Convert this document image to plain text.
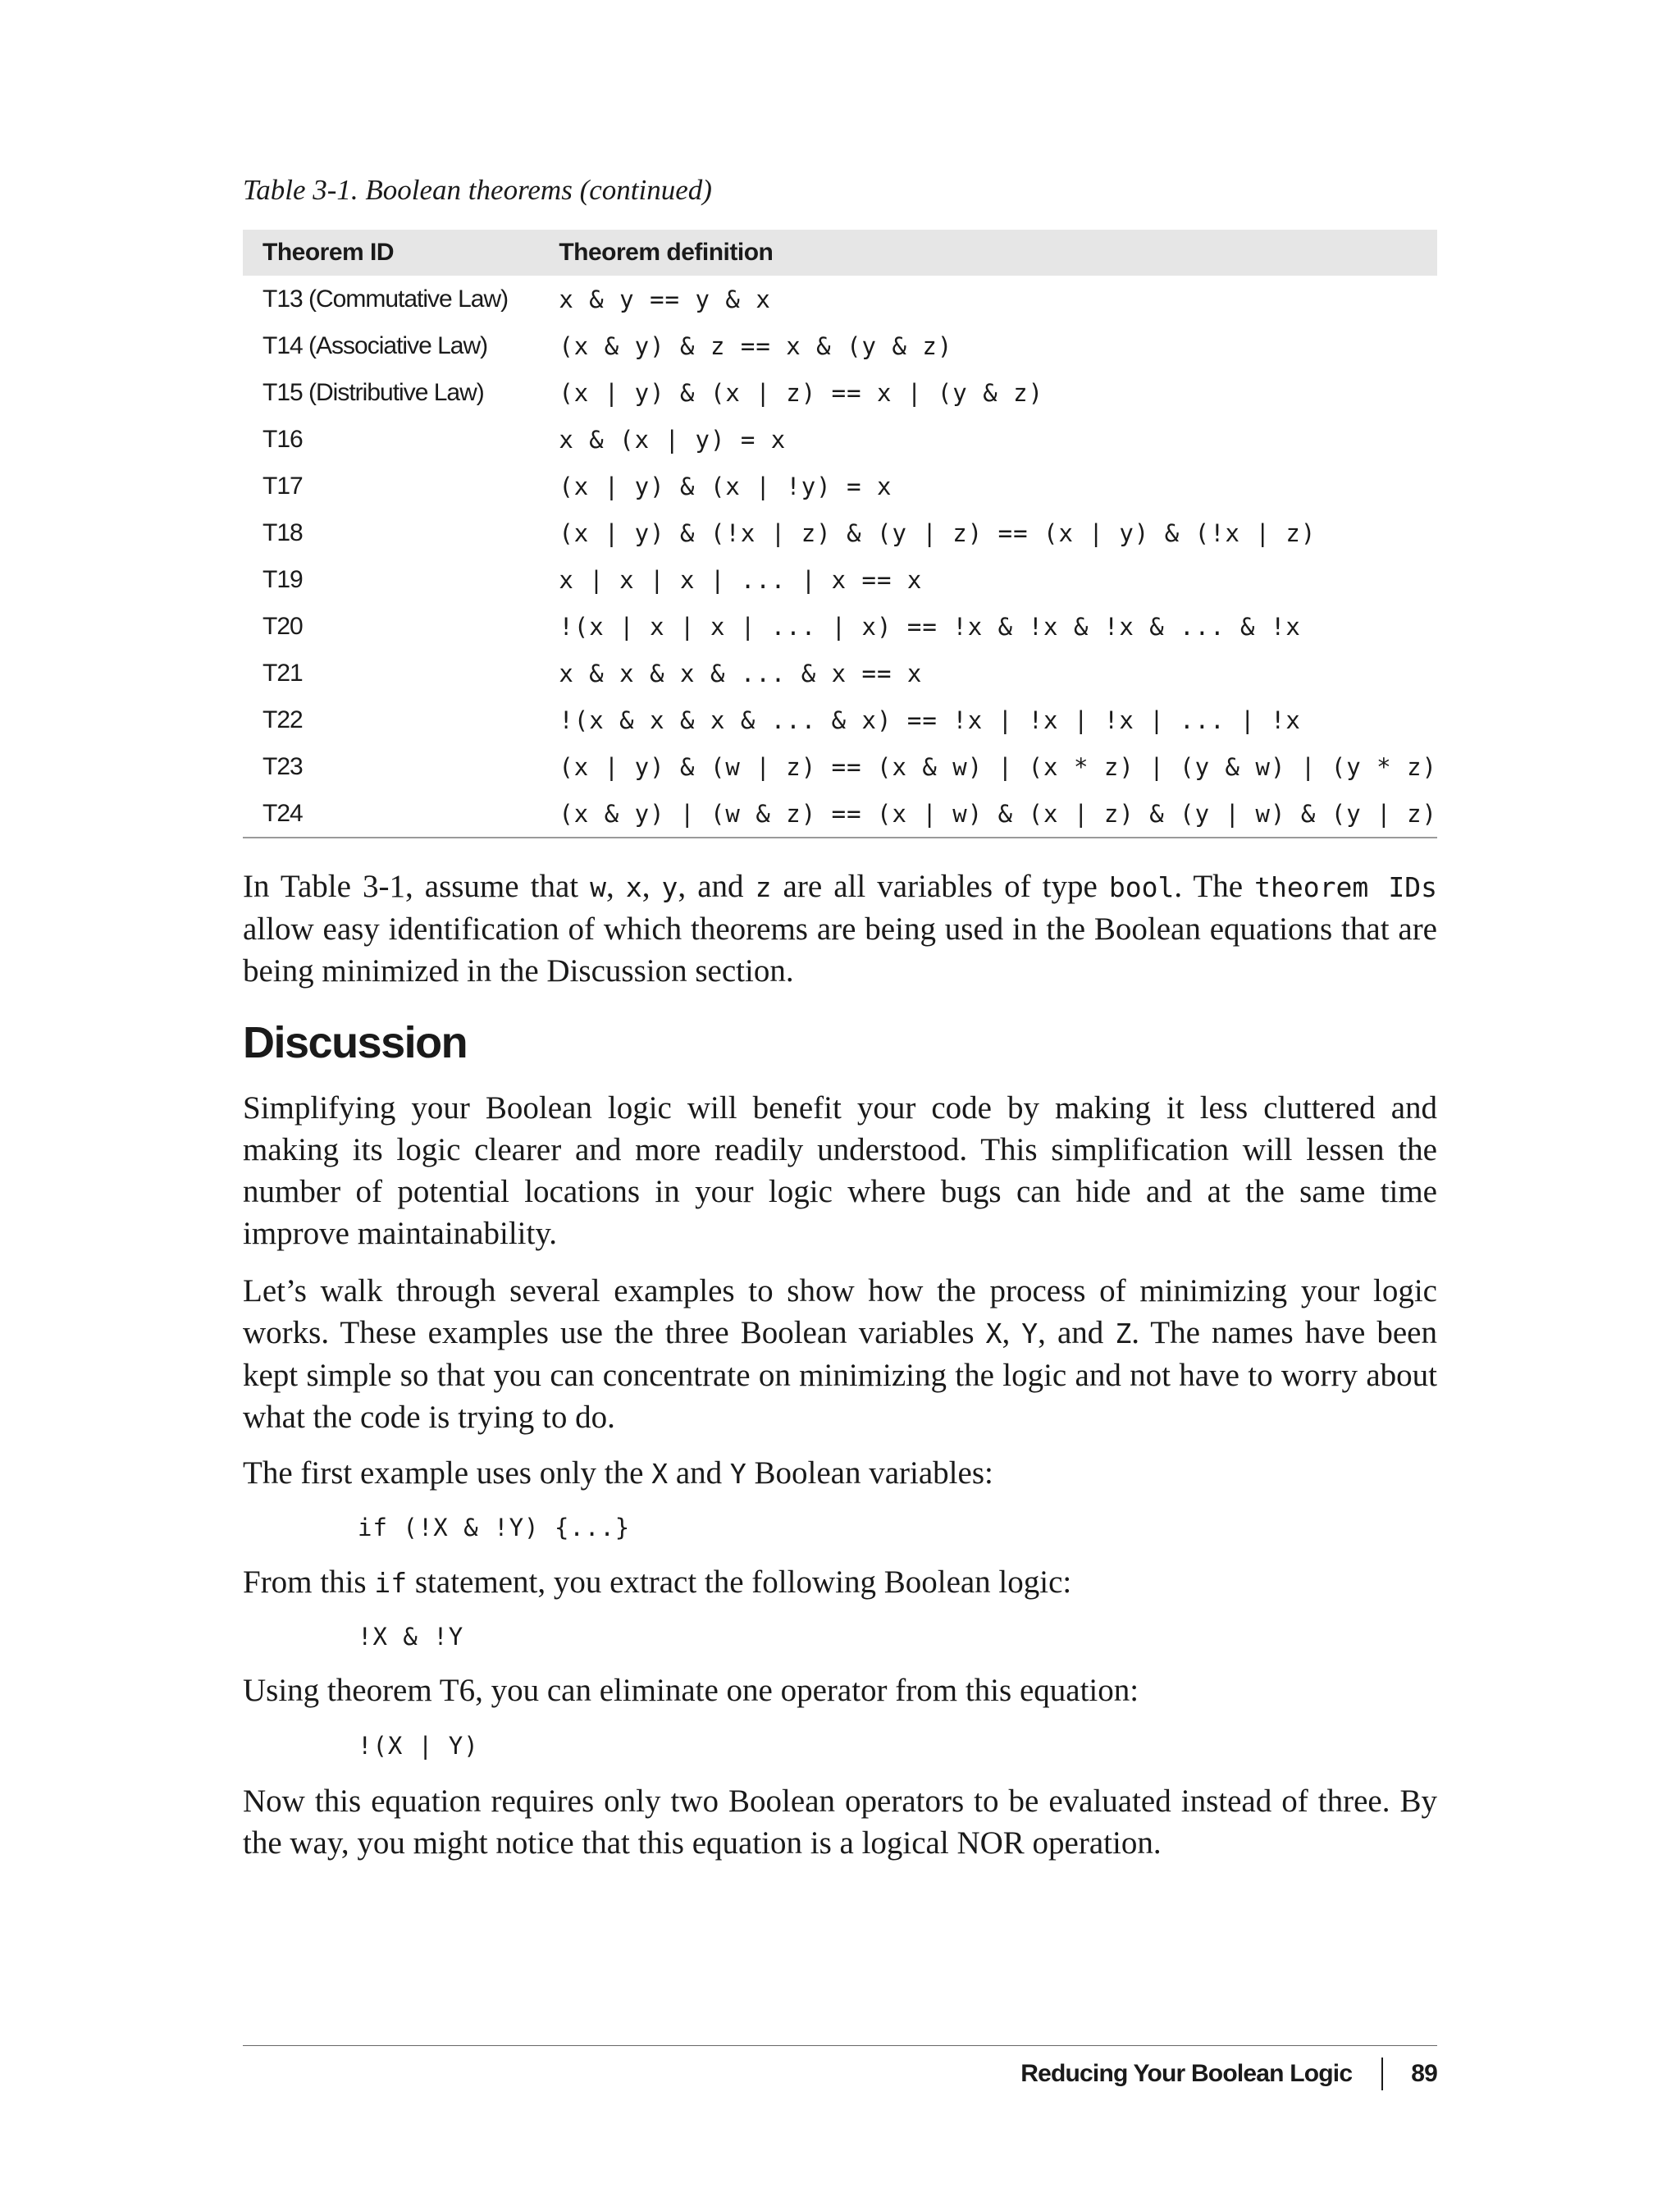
Table 3-1. Boolean theorems (continued)
Theorem ID	Theorem definition
T13 (Commutative Law)	x & y == y & x
T14 (Associative Law)	(x & y) & z == x & (y & z)
T15 (Distributive Law)	(x | y) & (x | z) == x | (y & z)
T16	x & (x | y) = x
T17	(x | y) & (x | !y) = x
T18	(x | y) & (!x | z) & (y | z) == (x | y) & (!x | z)
T19	x | x | x | ... | x == x
T20	!(x | x | x | ... | x) == !x & !x & !x & ... & !x
T21	x & x & x & ... & x == x
T22	!(x & x & x & ... & x) == !x | !x | !x | ... | !x
T23	(x | y) & (w | z) == (x & w) | (x * z) | (y & w) | (y * z)
T24	(x & y) | (w & z) == (x | w) & (x | z) & (y | w) & (y | z)

In Table 3-1, assume that w, x, y, and z are all variables of type bool. The theorem IDs allow easy identification of which theorems are being used in the Boolean equations that are being minimized in the Discussion section.

Discussion

Simplifying your Boolean logic will benefit your code by making it less cluttered and making its logic clearer and more readily understood. This simplification will lessen the number of potential locations in your logic where bugs can hide and at the same time improve maintainability.

Let’s walk through several examples to show how the process of minimizing your logic works. These examples use the three Boolean variables X, Y, and Z. The names have been kept simple so that you can concentrate on minimizing the logic and not have to worry about what the code is trying to do.

The first example uses only the X and Y Boolean variables:

if (!X & !Y) {...}

From this if statement, you extract the following Boolean logic:

!X & !Y

Using theorem T6, you can eliminate one operator from this equation:

!(X | Y)

Now this equation requires only two Boolean operators to be evaluated instead of three. By the way, you might notice that this equation is a logical NOR operation.

Reducing Your Boolean Logic 89
